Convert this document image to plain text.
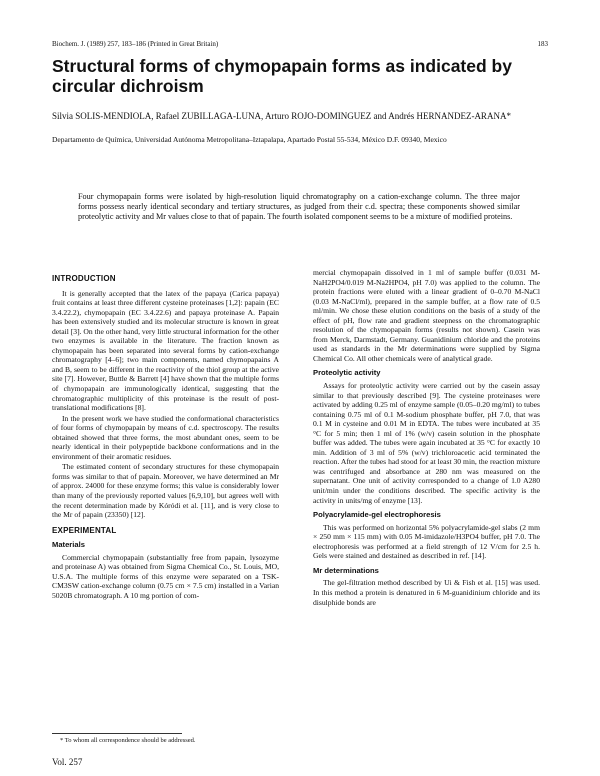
Biochem. J. (1989) 257, 183–186 (Printed in Great Britain)	183
Structural forms of chymopapain forms as indicated by circular dichroism
Silvia SOLIS-MENDIOLA, Rafael ZUBILLAGA-LUNA, Arturo ROJO-DOMINGUEZ and Andrés HERNANDEZ-ARANA*
Departamento de Química, Universidad Autónoma Metropolitana–Iztapalapa, Apartado Postal 55-534, México D.F. 09340, Mexico
Four chymopapain forms were isolated by high-resolution liquid chromatography on a cation-exchange column. The three major forms possess nearly identical secondary and tertiary structures, as judged from their c.d. spectra; these components showed similar proteolytic activity and Mr values close to that of papain. The fourth isolated component seems to be a mixture of modified proteins.
INTRODUCTION

It is generally accepted that the latex of the papaya (Carica papaya) fruit contains at least three different cysteine proteinases [1,2]: papain (EC 3.4.22.2), chymopapain (EC 3.4.22.6) and papaya proteinase A. Papain has been extensively studied and its molecular structure is known in great detail [3]. On the other hand, very little structural information for the other two enzymes is available in the literature. The fraction known as chymopapain has been separated into several forms by cation-exchange chromatography [4–6]; two main components, named chymopapains A and B, seem to be different in the reactivity of the thiol group at the active site [7]. However, Buttle & Barrett [4] have shown that the multiple forms of chymopapain are immunologically identical, suggesting that the chromatographic multiplicity of this proteinase is the result of post-translational modifications [8].

In the present work we have studied the conformational characteristics of four forms of chymopapain by means of c.d. spectroscopy. The results obtained showed that three forms, the most abundant ones, seem to be nearly identical in their polypeptide backbone conformations and in the environment of their aromatic residues.

The estimated content of secondary structures for these chymopapain forms was similar to that of papain. Moreover, we have determined an Mr of approx. 24000 for these enzyme forms; this value is considerably lower than many of the previously reported values [6,9,10], but agrees well with the recent determination made by Kóródi et al. [11], and is very close to the Mr of papain (23350) [12].

EXPERIMENTAL
Materials

Commercial chymopapain (substantially free from papain, lysozyme and proteinase A) was obtained from Sigma Chemical Co., St. Louis, MO, U.S.A. The multiple forms of this enzyme were separated on a TSK-CM3SW cation-exchange column (0.75 cm × 7.5 cm) installed in a Varian 5020B chromatograph. A 10 mg portion of com-

mercial chymopapain dissolved in 1 ml of sample buffer (0.031 M-NaH2PO4/0.019 M-Na2HPO4, pH 7.0) was applied to the column. The protein fractions were eluted with a linear gradient of 0–0.70 M-NaCl (0.03 M-NaCl/ml), prepared in the sample buffer, at a flow rate of 0.5 ml/min. We chose these elution conditions on the basis of a study of the effect of pH, flow rate and gradient steepness on the chromatographic resolution of the chymopapain forms (results not shown). Casein was from Merck, Darmstadt, Germany. Guanidinium chloride and the proteins used as standards in the Mr determinations were supplied by Sigma Chemical Co. All other chemicals were of analytical grade.

Proteolytic activity

Assays for proteolytic activity were carried out by the casein assay similar to that previously described [9]. The cysteine proteinases were activated by adding 0.25 ml of enzyme sample (0.05–0.20 mg/ml) to tubes containing 0.75 ml of 0.1 M-sodium phosphate buffer, pH 7.0, that was 0.1 M in cysteine and 0.01 M in EDTA. The tubes were incubated at 35 °C for 5 min; then 1 ml of 1% (w/v) casein solution in the phosphate buffer was added. The tubes were again incubated at 35 °C for exactly 10 min. Addition of 3 ml of 5% (w/v) trichloroacetic acid terminated the reaction. After the tubes had stood for at least 30 min, the reaction mixture was centrifuged and absorbance at 280 nm was measured on the supernatant. One unit of activity corresponded to a change of 1.0 A280 unit/min under the conditions described. The specific activity is the activity in units/mg of enzyme [13].

Polyacrylamide-gel electrophoresis

This was performed on horizontal 5% polyacrylamide-gel slabs (2 mm × 250 mm × 115 mm) with 0.05 M-imidazole/H3PO4 buffer, pH 7.0. The electrophoresis was performed at a field strength of 12 V/cm for 2.5 h. Gels were stained and destained as described in ref. [14].

Mr determinations

The gel-filtration method described by Ui & Fish et al. [15] was used. In this method a protein is denatured in 6 M-guanidinium chloride and its disulphide bonds are

* To whom all correspondence should be addressed.
Vol. 257
